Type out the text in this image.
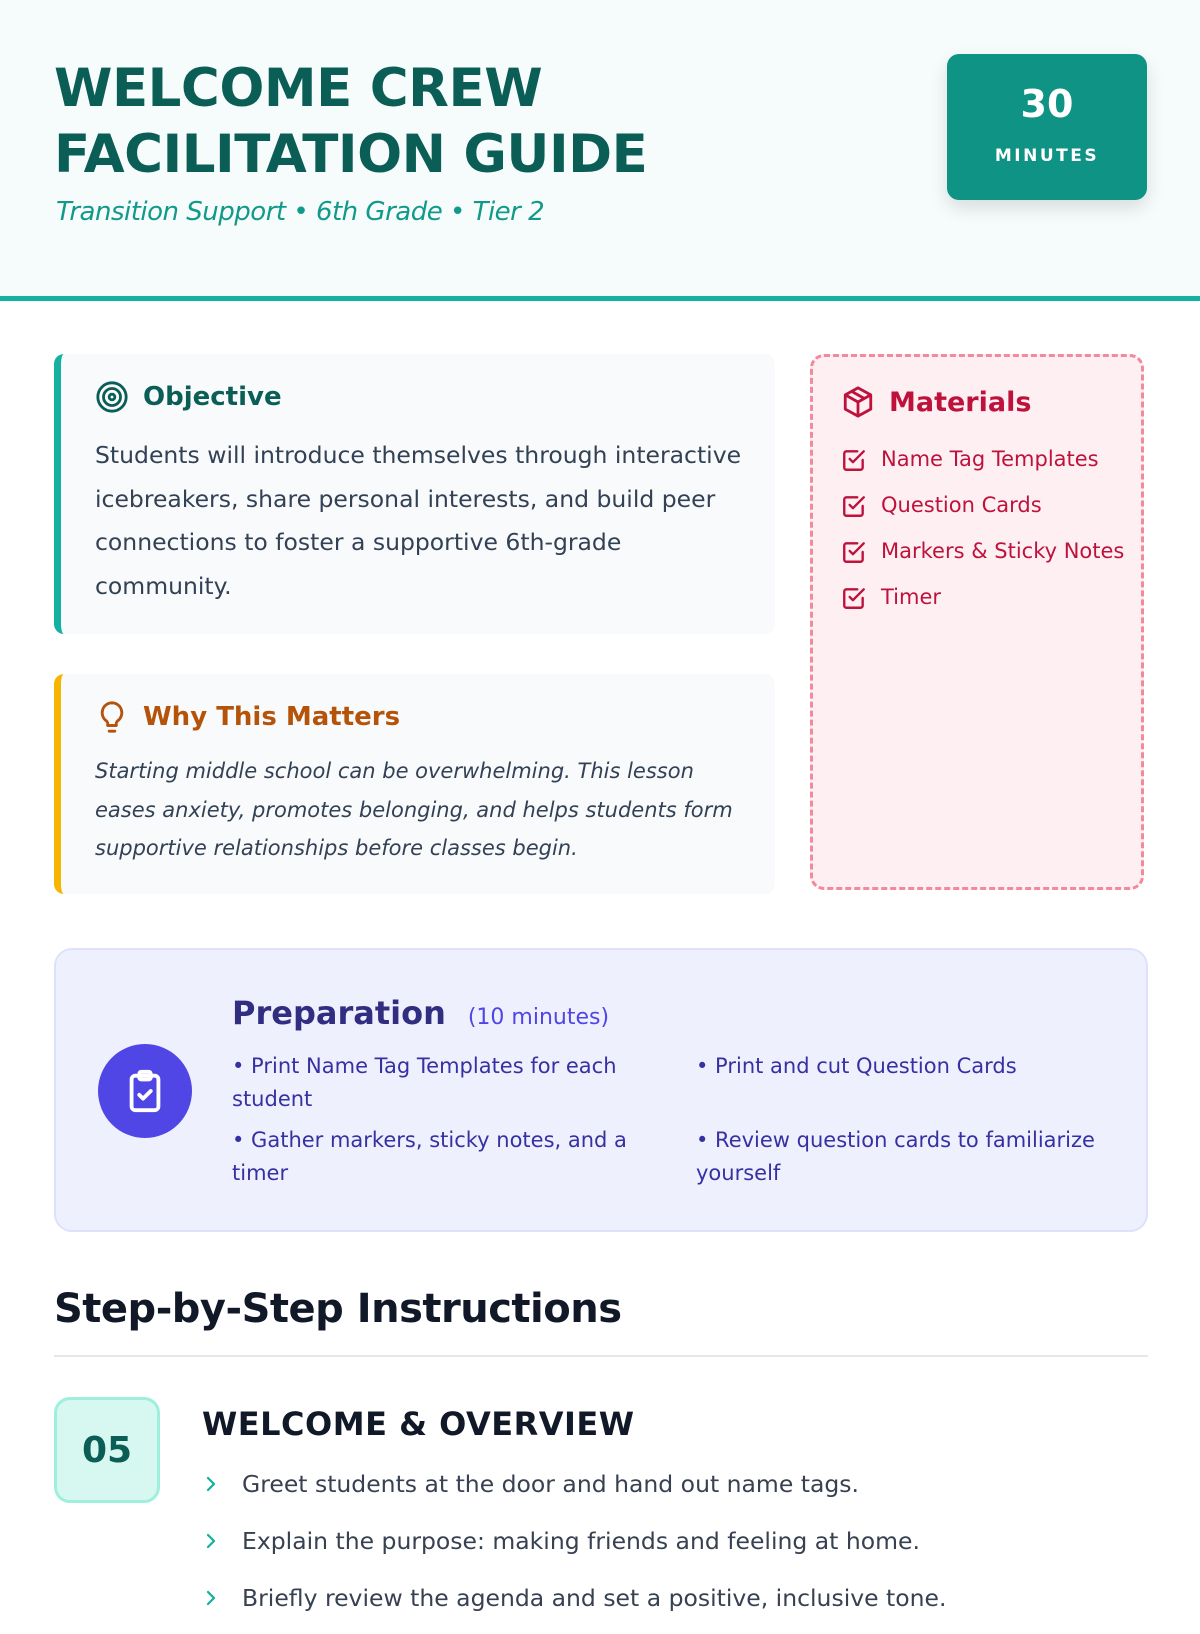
WELCOME CREW
FACILITATION GUIDE
Transition Support • 6th Grade • Tier 2
30
MINUTES
Objective
Students will introduce themselves through interactive icebreakers, share personal interests, and build peer connections to foster a supportive 6th-grade community.
Why This Matters
Starting middle school can be overwhelming. This lesson eases anxiety, promotes belonging, and helps students form supportive relationships before classes begin.
Materials
Name Tag Templates
Question Cards
Markers & Sticky Notes
Timer
Preparation (10 minutes)
• Print Name Tag Templates for each student
• Print and cut Question Cards
• Gather markers, sticky notes, and a timer
• Review question cards to familiarize yourself
Step-by-Step Instructions
05
WELCOME & OVERVIEW
Greet students at the door and hand out name tags.
Explain the purpose: making friends and feeling at home.
Briefly review the agenda and set a positive, inclusive tone.
